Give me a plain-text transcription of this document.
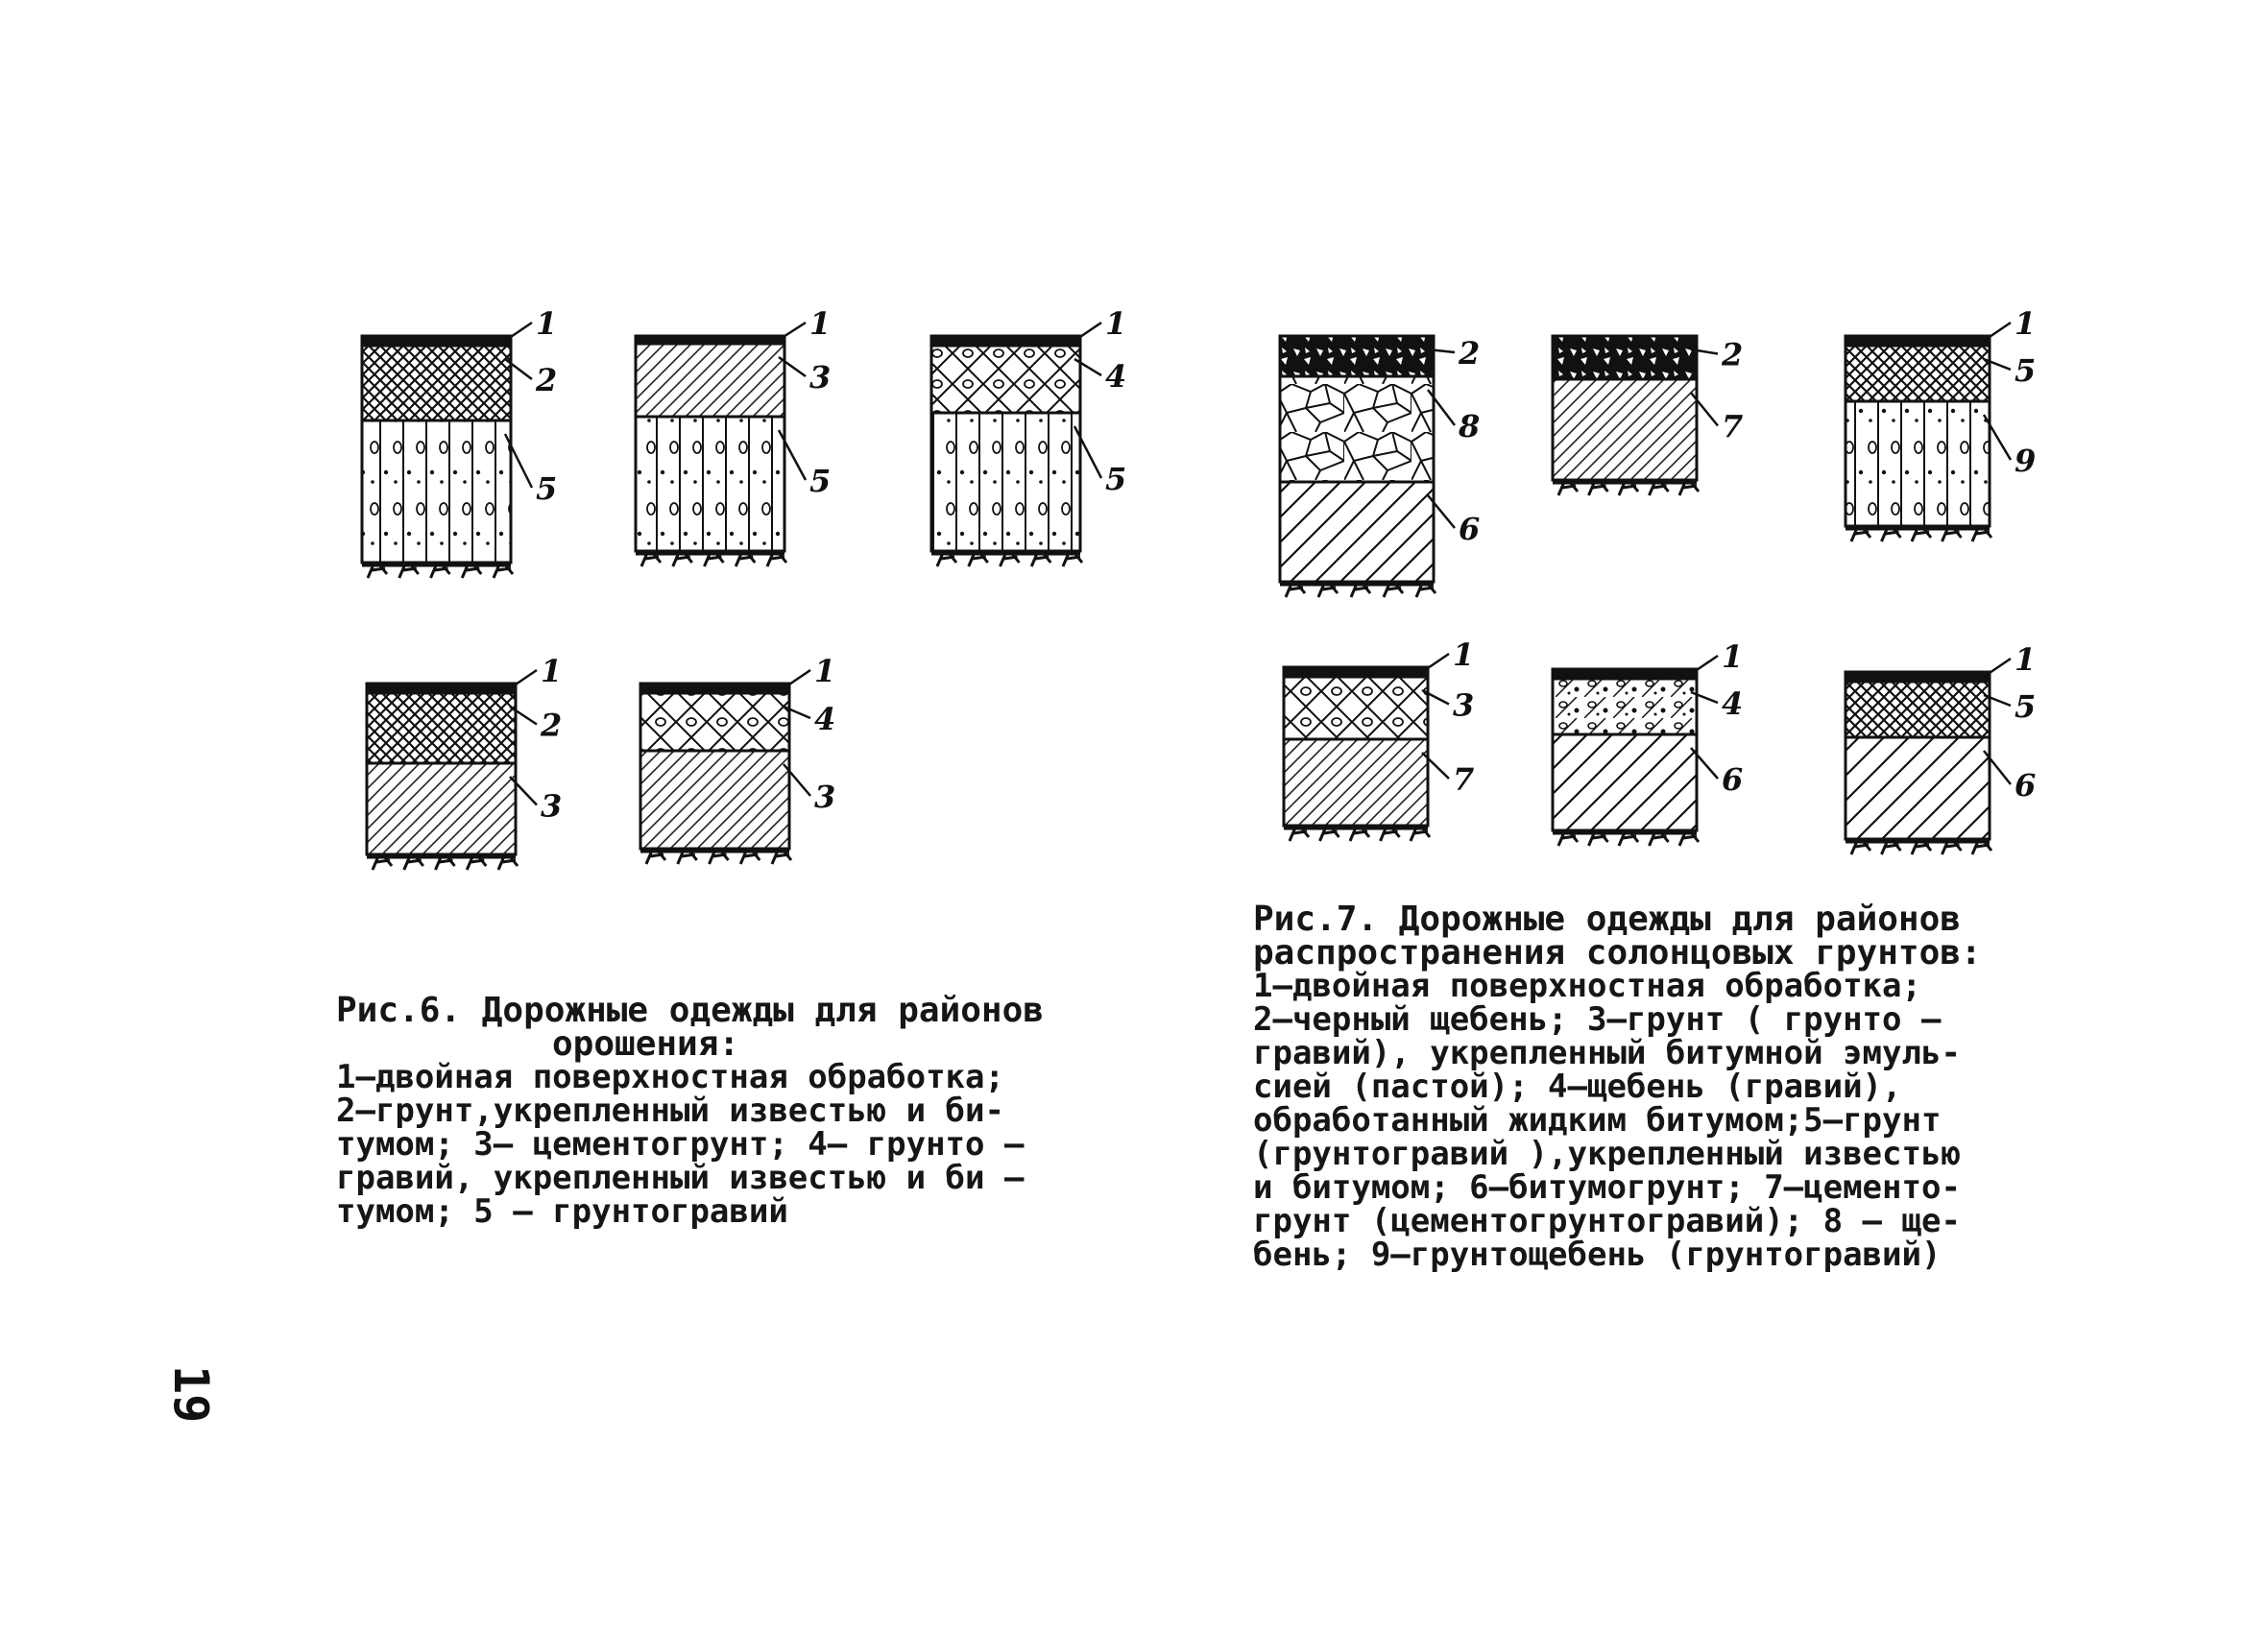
1
2
5
1
3
5
1
4
5
1
2
3
1
4
3
2
8
6
2
7
1
5
9
1
3
7
1
4
6
1
5
6
Рис.6. Дорожные одежды для районов
орошения:
1–двойная поверхностная обработка;
2–грунт,укрепленный известью и би-
тумом; 3– цементогрунт; 4– грунто –
гравий, укрепленный известью и би –
тумом; 5 – грунтогравий
Рис.7. Дорожные одежды для районов
распространения солонцовых грунтов:
1–двойная поверхностная обработка;
2–черный щебень; 3–грунт ( грунто –
гравий), укрепленный битумной эмуль-
сией (пастой); 4–щебень (гравий),
обработанный жидким битумом;5–грунт
(грунтогравий ),укрепленный известью
и битумом; 6–битумогрунт; 7–цементо-
грунт (цементогрунтогравий); 8 – ще-
бень; 9–грунтощебень (грунтогравий)
19
